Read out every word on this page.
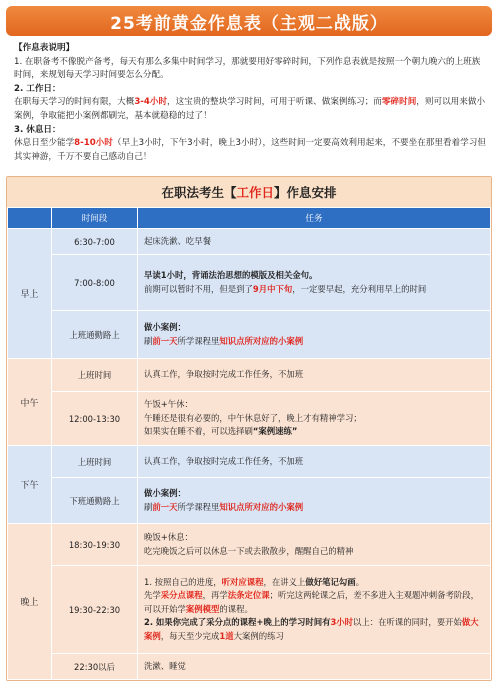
25考前黄金作息表（主观二战版）
【作息表说明】
1. 在职备考不像脱产备考，每天有那么多集中时间学习，那就要用好零碎时间，下列作息表就是按照一个朝九晚六的上班族时间，来规划每天学习时间要怎么分配。
2. 工作日：
在职每天学习的时间有限，大概3-4小时，这宝贵的整块学习时间，可用于听课、做案例练习；而零碎时间，则可以用来做小案例，争取能把小案例都刷完，基本就稳稳的过了！
3. 休息日：
休息日至少能学8-10小时（早上3小时，下午3小时，晚上3小时），这些时间一定要高效利用起来，不要坐在那里看着学习但其实神游，千万不要自己感动自己！
在职法考生【 工作日 】作息安排
	时间段	任务
早上	6:30-7:00	起床洗漱、吃早餐
	7:00-8:00	早读1小时，背诵法治思想的模版及相关金句。

前期可以暂时不用，但是到了9月中下旬，一定要早起，充分利用早上的时间

	上班通勤路上	做小案例：

刷前一天所学课程里知识点所对应的小案例

中午	上班时间	认真工作，争取按时完成工作任务，不加班
	12:00-13:30	午饭+午休：

午睡还是很有必要的，中午休息好了，晚上才有精神学习；

如果实在睡不着，可以选择刷“案例速练”

下午	上班时间	认真工作，争取按时完成工作任务，不加班
	下班通勤路上	做小案例：

刷前一天所学课程里知识点所对应的小案例

晚上	18:30-19:30	晚饭+休息：

吃完晚饭之后可以休息一下或去散散步，醒醒自己的精神

	19:30-22:30	1. 按照自己的进度，听对应课程，在讲义上做好笔记勾画。

先学采分点课程，再学法条定位课；听完这两轮课之后，差不多进入主观题冲刺备考阶段，可以开始学案例模型的课程。

2. 如果你完成了采分点的课程+晚上的学习时间有3小时以上：在听课的同时，要开始做大案例，每天至少完成1道大案例的练习

	22:30以后	洗漱、睡觉
